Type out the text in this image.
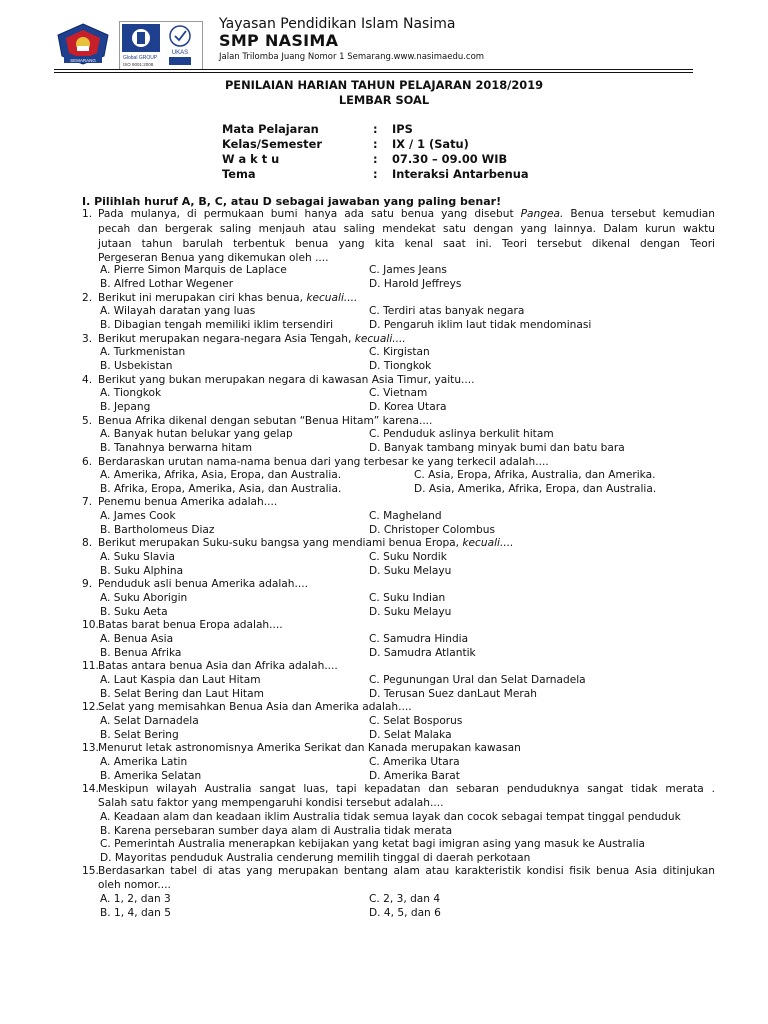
SEMARANG	Global GROUP
ISO 9001:2008
UKAS
Yayasan Pendidikan Islam Nasima
SMP NASIMA
Jalan Trilomba Juang Nomor 1 Semarang.www.nasimaedu.com
PENILAIAN HARIAN TAHUN PELAJARAN 2018/2019
LEMBAR SOAL
Mata Pelajaran	: IPS
Kelas/Semester	: IX / 1 (Satu)
W a k t u	: 07.30 – 09.00 WIB
Tema	: Interaksi Antarbenua
I. Pilihlah huruf A, B, C, atau D sebagai jawaban yang paling benar!
1. Pada mulanya, di permukaan bumi hanya ada satu benua yang disebut Pangea. Benua tersebut kemudian
pecah dan bergerak saling menjauh atau saling mendekat satu dengan yang lainnya. Dalam kurun waktu
jutaan tahun barulah terbentuk benua yang kita kenal saat ini. Teori tersebut dikenal dengan Teori
Pergeseran Benua yang dikemukan oleh ....
A. Pierre Simon Marquis de Laplace
B. Alfred Lothar Wegener
C. James Jeans
D. Harold Jeffreys
2. Berikut ini merupakan ciri khas benua, kecuali....
A. Wilayah daratan yang luas
B. Dibagian tengah memiliki iklim tersendiri
C. Terdiri atas banyak negara
D. Pengaruh iklim laut tidak mendominasi
3. Berikut merupakan negara-negara Asia Tengah, kecuali....
A. Turkmenistan
B. Usbekistan
C. Kirgistan
D. Tiongkok
4. Berikut yang bukan merupakan negara di kawasan Asia Timur, yaitu....
A. Tiongkok
B. Jepang
C. Vietnam
D. Korea Utara
5. Benua Afrika dikenal dengan sebutan “Benua Hitam” karena....
A. Banyak hutan belukar yang gelap
B. Tanahnya berwarna hitam
C. Penduduk aslinya berkulit hitam
D. Banyak tambang minyak bumi dan batu bara
6. Berdaraskan urutan nama-nama benua dari yang terbesar ke yang terkecil adalah....
A. Amerika, Afrika, Asia, Eropa, dan Australia.
B. Afrika, Eropa, Amerika, Asia, dan Australia.
C. Asia, Eropa, Afrika, Australia, dan Amerika.
D. Asia, Amerika, Afrika, Eropa, dan Australia.
7. Penemu benua Amerika adalah....
A. James Cook
B. Bartholomeus Diaz
C. Magheland
D. Christoper Colombus
8. Berikut merupakan Suku-suku bangsa yang mendiami benua Eropa, kecuali....
A. Suku Slavia
B. Suku Alphina
C. Suku Nordik
D. Suku Melayu
9. Penduduk asli benua Amerika adalah....
A. Suku Aborigin
B. Suku Aeta
C. Suku Indian
D. Suku Melayu
10. Batas barat benua Eropa adalah....
A. Benua Asia
B. Benua Afrika
C. Samudra Hindia
D. Samudra Atlantik
11. Batas antara benua Asia dan Afrika adalah....
A. Laut Kaspia dan Laut Hitam
B. Selat Bering dan Laut Hitam
C. Pegunungan Ural dan Selat Darnadela
D. Terusan Suez danLaut Merah
12. Selat yang memisahkan Benua Asia dan Amerika adalah....
A. Selat Darnadela
B. Selat Bering
C. Selat Bosporus
D. Selat Malaka
13. Menurut letak astronomisnya Amerika Serikat dan Kanada merupakan kawasan
A. Amerika Latin
B. Amerika Selatan
C. Amerika Utara
D. Amerika Barat
14. Meskipun wilayah Australia sangat luas, tapi kepadatan dan sebaran penduduknya sangat tidak merata .
Salah satu faktor yang mempengaruhi kondisi tersebut adalah....
A. Keadaan alam dan keadaan iklim Australia tidak semua layak dan cocok sebagai tempat tinggal penduduk
B. Karena persebaran sumber daya alam di Australia tidak merata
C. Pemerintah Australia menerapkan kebijakan yang ketat bagi imigran asing yang masuk ke Australia
D. Mayoritas penduduk Australia cenderung memilih tinggal di daerah perkotaan
15. Berdasarkan tabel di atas yang merupakan bentang alam atau karakteristik kondisi fisik benua Asia ditinjukan
oleh nomor....
A. 1, 2, dan 3
B. 1, 4, dan 5
C. 2, 3, dan 4
D. 4, 5, dan 6
